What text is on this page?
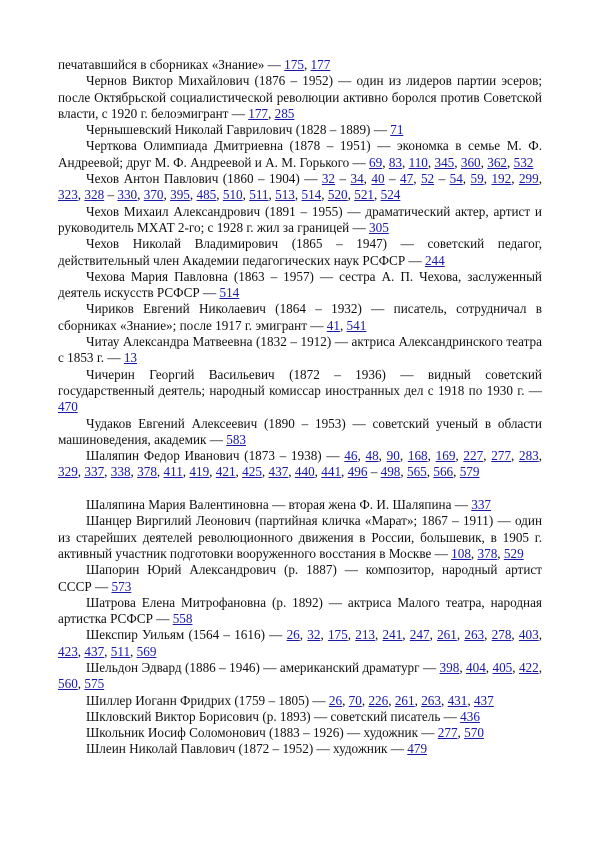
печатавшийся в сборниках «Знание» — 175, 177

Чернов Виктор Михайлович (1876 – 1952) — один из лидеров партии эсеров; после Октябрьской социалистической революции активно боролся против Советской власти, с 1920 г. белоэмигрант — 177, 285

Чернышевский Николай Гаврилович (1828 – 1889) — 71

Черткова Олимпиада Дмитриевна (1878 – 1951) — экономка в семье М. Ф. Андреевой; друг М. Ф. Андреевой и А. М. Горького — 69, 83, 110, 345, 360, 362, 532

Чехов Антон Павлович (1860 – 1904) — 32 – 34, 40 – 47, 52 – 54, 59, 192, 299, 323, 328 – 330, 370, 395, 485, 510, 511, 513, 514, 520, 521, 524

Чехов Михаил Александрович (1891 – 1955) — драматический актер, артист и руководитель МХАТ 2-го; с 1928 г. жил за границей — 305

Чехов Николай Владимирович (1865 – 1947) — советский педагог, действительный член Академии педагогических наук РСФСР — 244

Чехова Мария Павловна (1863 – 1957) — сестра А. П. Чехова, заслуженный деятель искусств РСФСР — 514

Чириков Евгений Николаевич (1864 – 1932) — писатель, сотрудничал в сборниках «Знание»; после 1917 г. эмигрант — 41, 541

Читау Александра Матвеевна (1832 – 1912) — актриса Александринского театра с 1853 г. — 13

Чичерин Георгий Васильевич (1872 – 1936) — видный советский государственный деятель; народный комиссар иностранных дел с 1918 по 1930 г. — 470

Чудаков Евгений Алексеевич (1890 – 1953) — советский ученый в области машиноведения, академик — 583

Шаляпин Федор Иванович (1873 – 1938) — 46, 48, 90, 168, 169, 227, 277, 283, 329, 337, 338, 378, 411, 419, 421, 425, 437, 440, 441, 496 – 498, 565, 566, 579

Шаляпина Мария Валентиновна — вторая жена Ф. И. Шаляпина — 337

Шанцер Виргилий Леонович (партийная кличка «Марат»; 1867 – 1911) — один из старейших деятелей революционного движения в России, большевик, в 1905 г. активный участник подготовки вооруженного восстания в Москве — 108, 378, 529

Шапорин Юрий Александрович (р. 1887) — композитор, народный артист СССР — 573

Шатрова Елена Митрофановна (р. 1892) — актриса Малого театра, народная артистка РСФСР — 558

Шекспир Уильям (1564 – 1616) — 26, 32, 175, 213, 241, 247, 261, 263, 278, 403, 423, 437, 511, 569

Шельдон Эдвард (1886 – 1946) — американский драматург — 398, 404, 405, 422, 560, 575

Шиллер Иоганн Фридрих (1759 – 1805) — 26, 70, 226, 261, 263, 431, 437

Шкловский Виктор Борисович (р. 1893) — советский писатель — 436

Школьник Иосиф Соломонович (1883 – 1926) — художник — 277, 570

Шлеин Николай Павлович (1872 – 1952) — художник — 479
